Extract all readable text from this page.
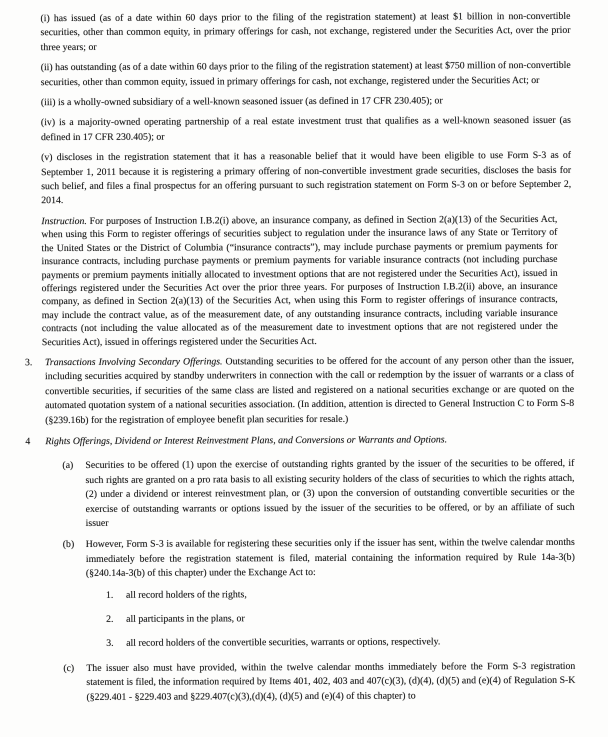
(i) has issued (as of a date within 60 days prior to the filing of the registration statement) at least $1 billion in non-convertible securities, other than common equity, in primary offerings for cash, not exchange, registered under the Securities Act, over the prior three years; or

(ii) has outstanding (as of a date within 60 days prior to the filing of the registration statement) at least $750 million of non-convertible securities, other than common equity, issued in primary offerings for cash, not exchange, registered under the Securities Act; or

(iii) is a wholly-owned subsidiary of a well-known seasoned issuer (as defined in 17 CFR 230.405); or

(iv) is a majority-owned operating partnership of a real estate investment trust that qualifies as a well-known seasoned issuer (as defined in 17 CFR 230.405); or

(v) discloses in the registration statement that it has a reasonable belief that it would have been eligible to use Form S-3 as of September 1, 2011 because it is registering a primary offering of non-convertible investment grade securities, discloses the basis for such belief, and files a final prospectus for an offering pursuant to such registration statement on Form S-3 on or before September 2, 2014.

Instruction. For purposes of Instruction I.B.2(i) above, an insurance company, as defined in Section 2(a)(13) of the Securities Act, when using this Form to register offerings of securities subject to regulation under the insurance laws of any State or Territory of the United States or the District of Columbia (“insurance contracts”), may include purchase payments or premium payments for insurance contracts, including purchase payments or premium payments for variable insurance contracts (not including purchase payments or premium payments initially allocated to investment options that are not registered under the Securities Act), issued in offerings registered under the Securities Act over the prior three years. For purposes of Instruction I.B.2(ii) above, an insurance company, as defined in Section 2(a)(13) of the Securities Act, when using this Form to register offerings of insurance contracts, may include the contract value, as of the measurement date, of any outstanding insurance contracts, including variable insurance contracts (not including the value allocated as of the measurement date to investment options that are not registered under the Securities Act), issued in offerings registered under the Securities Act.

3.	Transactions Involving Secondary Offerings. Outstanding securities to be offered for the account of any person other than the issuer, including securities acquired by standby underwriters in connection with the call or redemption by the issuer of warrants or a class of convertible securities, if securities of the same class are listed and registered on a national securities exchange or are quoted on the automated quotation system of a national securities association. (In addition, attention is directed to General Instruction C to Form S-8 (§239.16b) for the registration of employee benefit plan securities for resale.)

4	Rights Offerings, Dividend or Interest Reinvestment Plans, and Conversions or Warrants and Options.

(a)	Securities to be offered (1) upon the exercise of outstanding rights granted by the issuer of the securities to be offered, if such rights are granted on a pro rata basis to all existing security holders of the class of securities to which the rights attach, (2) under a dividend or interest reinvestment plan, or (3) upon the conversion of outstanding convertible securities or the exercise of outstanding warrants or options issued by the issuer of the securities to be offered, or by an affiliate of such issuer

(b)	However, Form S-3 is available for registering these securities only if the issuer has sent, within the twelve calendar months immediately before the registration statement is filed, material containing the information required by Rule 14a-3(b) (§240.14a-3(b) of this chapter) under the Exchange Act to:

1.	all record holders of the rights,

2.	all participants in the plans, or

3.	all record holders of the convertible securities, warrants or options, respectively.

(c)	The issuer also must have provided, within the twelve calendar months immediately before the Form S-3 registration statement is filed, the information required by Items 401, 402, 403 and 407(c)(3), (d)(4), (d)(5) and (e)(4) of Regulation S-K (§229.401 - §229.403 and §229.407(c)(3),(d)(4), (d)(5) and (e)(4) of this chapter) to
